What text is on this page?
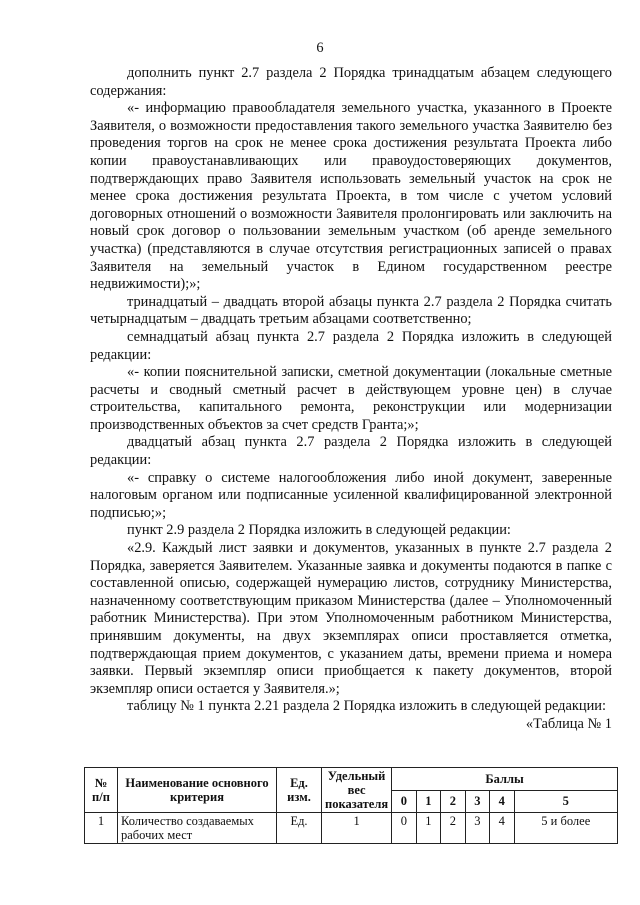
6

дополнить пункт 2.7 раздела 2 Порядка тринадцатым абзацем следующего содержания:

«- информацию правообладателя земельного участка, указанного в Проекте Заявителя, о возможности предоставления такого земельного участка Заявителю без проведения торгов на срок не менее срока достижения результата Проекта либо копии правоустанавливающих или правоудостоверяющих документов, подтверждающих право Заявителя использовать земельный участок на срок не менее срока достижения результата Проекта, в том числе с учетом условий договорных отношений о возможности Заявителя пролонгировать или заключить на новый срок договор о пользовании земельным участком (об аренде земельного участка) (представляются в случае отсутствия регистрационных записей о правах Заявителя на земельный участок в Едином государственном реестре недвижимости);»;

тринадцатый – двадцать второй абзацы пункта 2.7 раздела 2 Порядка считать четырнадцатым – двадцать третьим абзацами соответственно;

семнадцатый абзац пункта 2.7 раздела 2 Порядка изложить в следующей редакции:

«- копии пояснительной записки, сметной документации (локальные сметные расчеты и сводный сметный расчет в действующем уровне цен) в случае строительства, капитального ремонта, реконструкции или модернизации производственных объектов за счет средств Гранта;»;

двадцатый абзац пункта 2.7 раздела 2 Порядка изложить в следующей редакции:

«- справку о системе налогообложения либо иной документ, заверенные налоговым органом или подписанные усиленной квалифицированной электронной подписью;»;

пункт 2.9 раздела 2 Порядка изложить в следующей редакции:

«2.9. Каждый лист заявки и документов, указанных в пункте 2.7 раздела 2 Порядка, заверяется Заявителем. Указанные заявка и документы подаются в папке с составленной описью, содержащей нумерацию листов, сотруднику Министерства, назначенному соответствующим приказом Министерства (далее – Уполномоченный работник Министерства). При этом Уполномоченным работником Министерства, принявшим документы, на двух экземплярах описи проставляется отметка, подтверждающая прием документов, с указанием даты, времени приема и номера заявки. Первый экземпляр описи приобщается к пакету документов, второй экземпляр описи остается у Заявителя.»;

таблицу № 1 пункта 2.21 раздела 2 Порядка изложить в следующей редакции:

«Таблица № 1

№ п/п	Наименование основного критерия	Ед. изм.	Удельный вес показателя	Баллы					
				0	1	2	3	4	5
1	Количество создаваемых рабочих мест	Ед.	1	0	1	2	3	4	5 и более
